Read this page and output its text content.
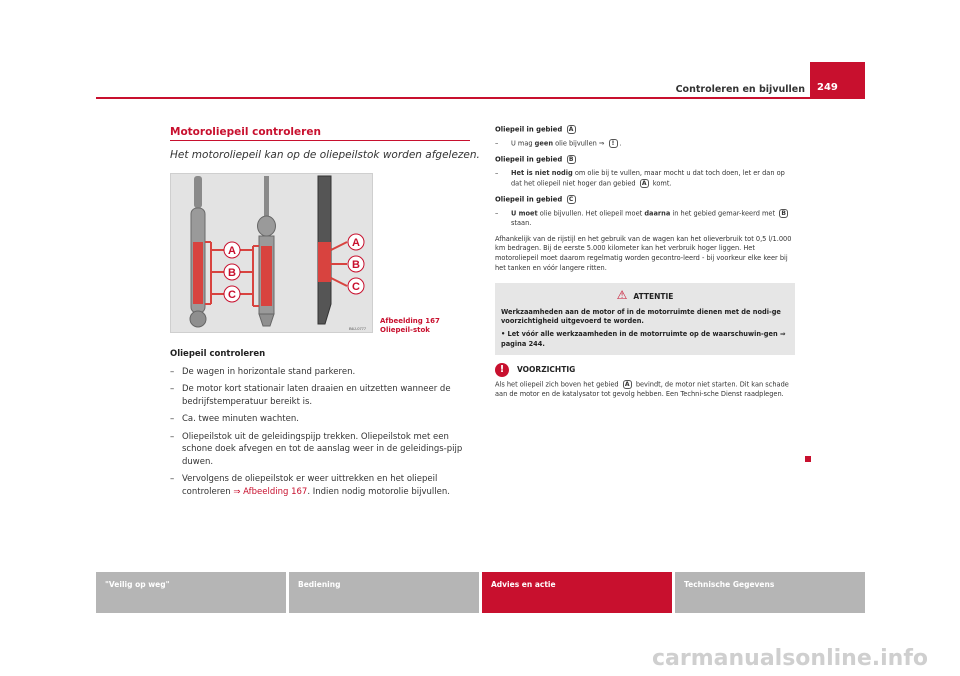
Controleren en bijvullen	249
Motoroliepeil controleren
Het motoroliepeil kan op de oliepeilstok worden afgelezen.
A
B
C
A
B
C
B6J-0777
Afbeelding 167 Oliepeil-stok
Oliepeil controleren
– De wagen in horizontale stand parkeren.
– De motor kort stationair laten draaien en uitzetten wanneer de bedrijfstemperatuur bereikt is.
– Ca. twee minuten wachten.
– Oliepeilstok uit de geleidingspijp trekken. Oliepeilstok met een schone doek afvegen en tot de aanslag weer in de geleidings-pijp duwen.
– Vervolgens de oliepeilstok er weer uittrekken en het oliepeil controleren ⇒ Afbeelding 167. Indien nodig motorolie bijvullen.
Oliepeil in gebied A
– U mag geen olie bijvullen ⇒ ! .
Oliepeil in gebied B
– Het is niet nodig om olie bij te vullen, maar mocht u dat toch doen, let er dan op dat het oliepeil niet hoger dan gebied A komt.
Oliepeil in gebied C
– U moet olie bijvullen. Het oliepeil moet daarna in het gebied gemar-keerd met B staan.
Afhankelijk van de rijstijl en het gebruik van de wagen kan het olieverbruik tot 0,5 l/1.000 km bedragen. Bij de eerste 5.000 kilometer kan het verbruik hoger liggen. Het motoroliepeil moet daarom regelmatig worden gecontro-leerd - bij voorkeur elke keer bij het tanken en vóór langere ritten.
⚠ ATTENTIE
Werkzaamheden aan de motor of in de motorruimte dienen met de nodi-ge voorzichtigheid uitgevoerd te worden.
• Let vóór alle werkzaamheden in de motorruimte op de waarschuwin-gen ⇒ pagina 244.
! VOORZICHTIG
Als het oliepeil zich boven het gebied A bevindt, de motor niet starten. Dit kan schade aan de motor en de katalysator tot gevolg hebben. Een Techni-sche Dienst raadplegen.
"Veilig op weg"	Bediening	Advies en actie	Technische Gegevens
carmanualsonline.info
